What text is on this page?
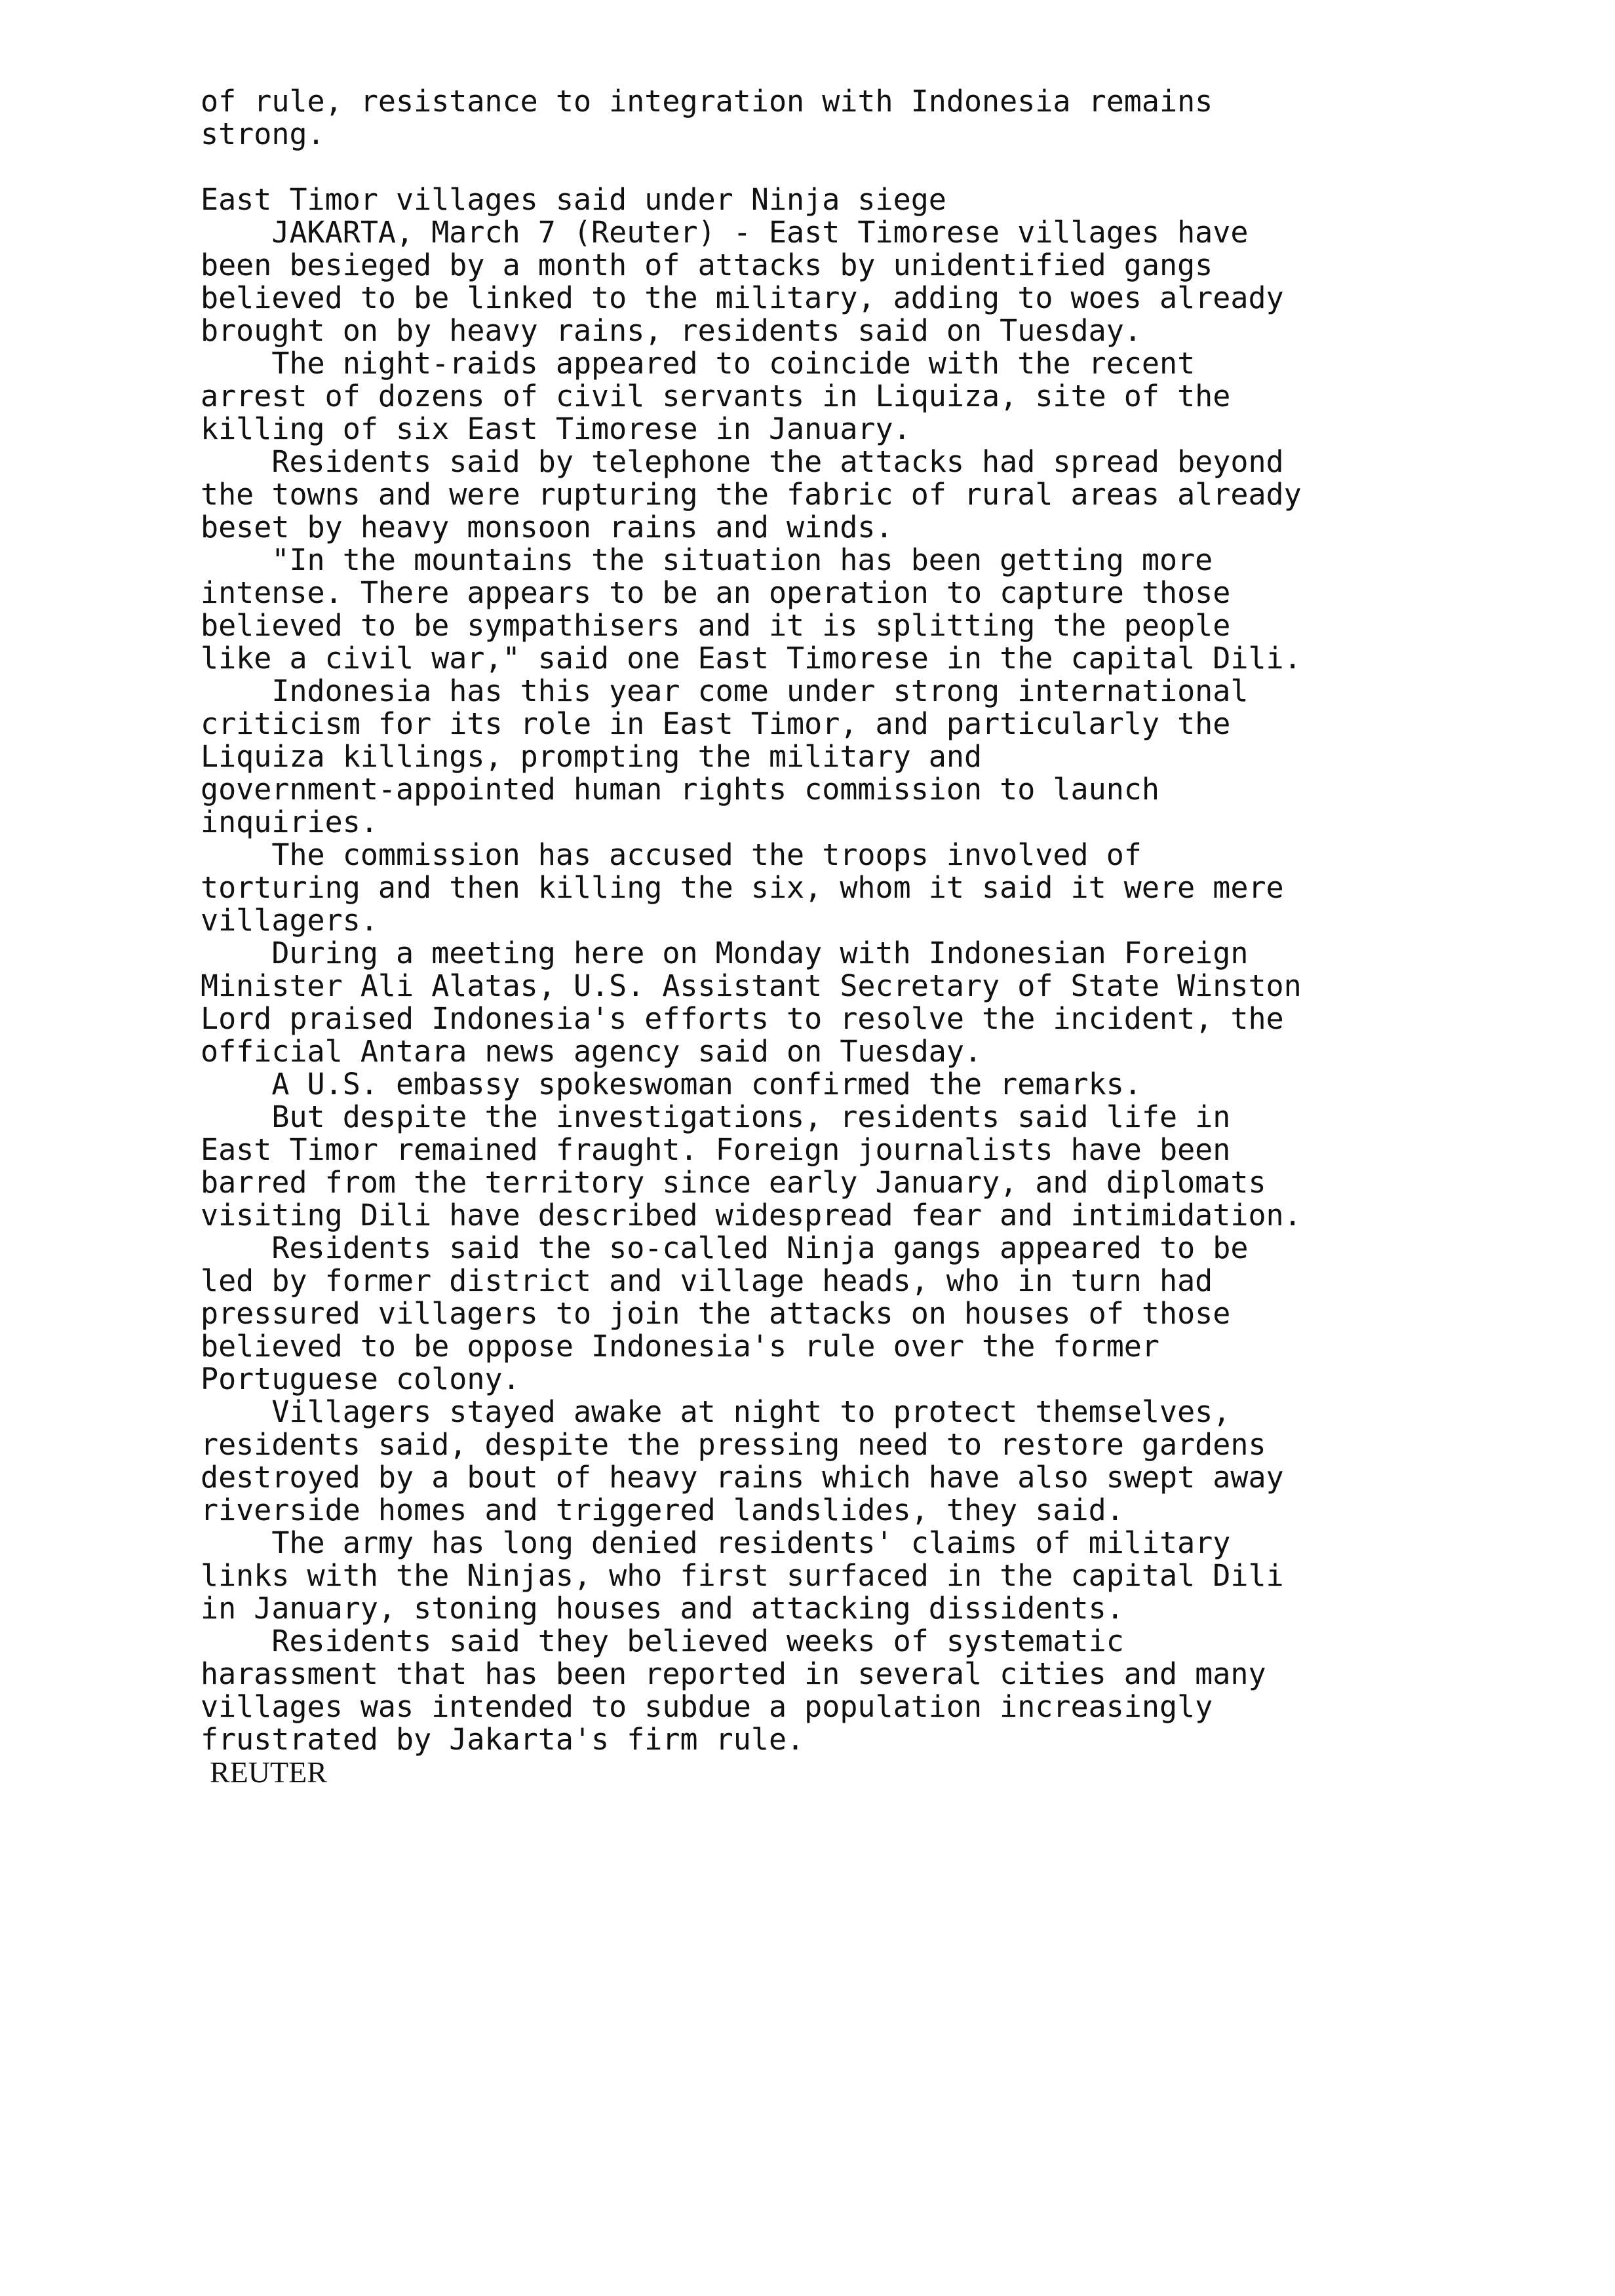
of rule, resistance to integration with Indonesia remains
strong.
East Timor villages said under Ninja siege
JAKARTA, March 7 (Reuter) - East Timorese villages have
been besieged by a month of attacks by unidentified gangs
believed to be linked to the military, adding to woes already
brought on by heavy rains, residents said on Tuesday.
The night-raids appeared to coincide with the recent
arrest of dozens of civil servants in Liquiza, site of the
killing of six East Timorese in January.
Residents said by telephone the attacks had spread beyond
the towns and were rupturing the fabric of rural areas already
beset by heavy monsoon rains and winds.
"In the mountains the situation has been getting more
intense. There appears to be an operation to capture those
believed to be sympathisers and it is splitting the people
like a civil war," said one East Timorese in the capital Dili.
Indonesia has this year come under strong international
criticism for its role in East Timor, and particularly the
Liquiza killings, prompting the military and
government-appointed human rights commission to launch
inquiries.
The commission has accused the troops involved of
torturing and then killing the six, whom it said it were mere
villagers.
During a meeting here on Monday with Indonesian Foreign
Minister Ali Alatas, U.S. Assistant Secretary of State Winston
Lord praised Indonesia's efforts to resolve the incident, the
official Antara news agency said on Tuesday.
A U.S. embassy spokeswoman confirmed the remarks.
But despite the investigations, residents said life in
East Timor remained fraught. Foreign journalists have been
barred from the territory since early January, and diplomats
visiting Dili have described widespread fear and intimidation.
Residents said the so-called Ninja gangs appeared to be
led by former district and village heads, who in turn had
pressured villagers to join the attacks on houses of those
believed to be oppose Indonesia's rule over the former
Portuguese colony.
Villagers stayed awake at night to protect themselves,
residents said, despite the pressing need to restore gardens
destroyed by a bout of heavy rains which have also swept away
riverside homes and triggered landslides, they said.
The army has long denied residents' claims of military
links with the Ninjas, who first surfaced in the capital Dili
in January, stoning houses and attacking dissidents.
Residents said they believed weeks of systematic
harassment that has been reported in several cities and many
villages was intended to subdue a population increasingly
frustrated by Jakarta's firm rule.
REUTER
